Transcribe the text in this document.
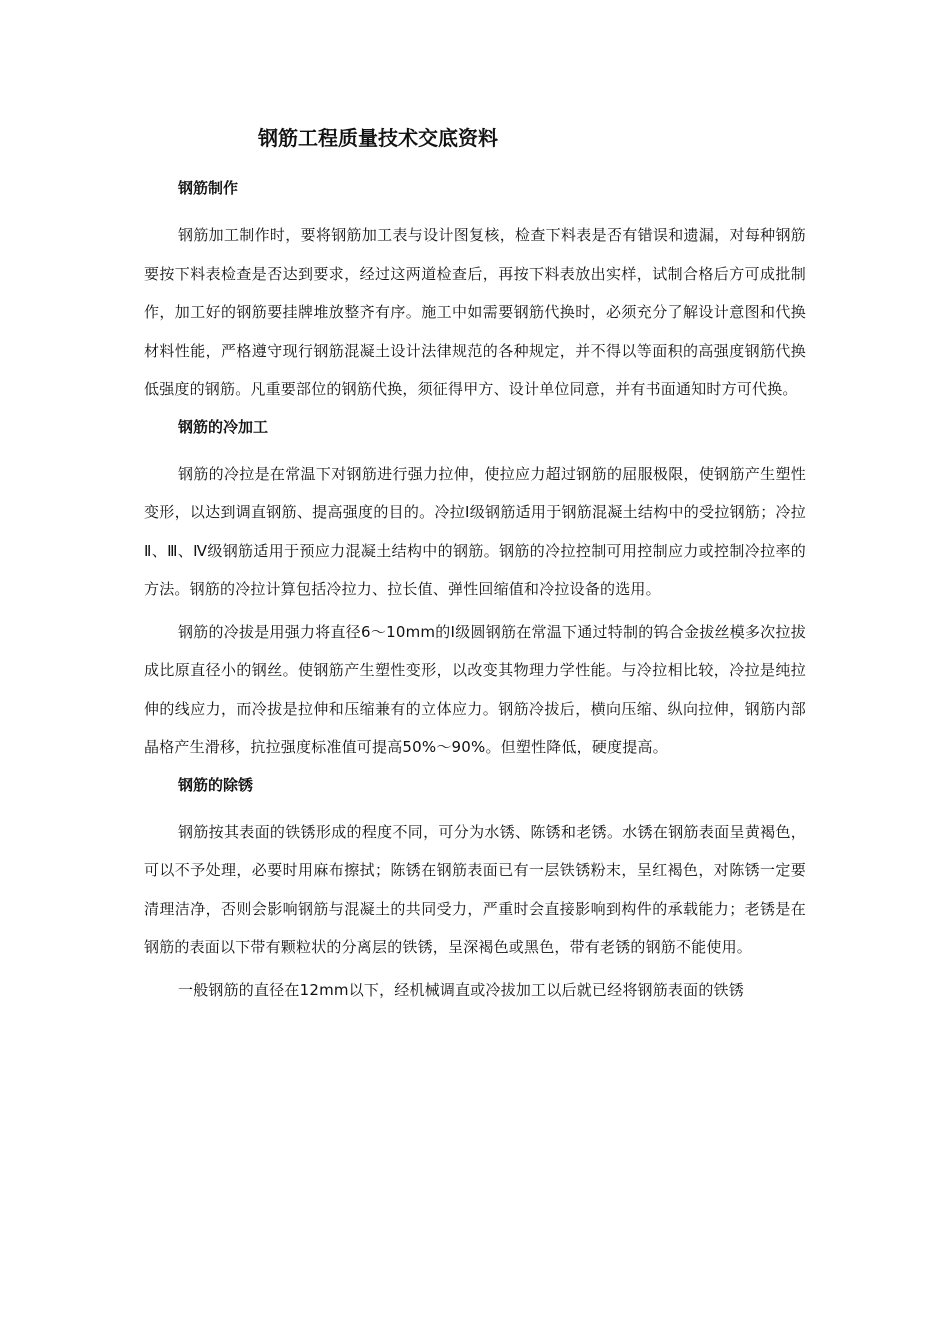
钢筋工程质量技术交底资料
钢筋制作

钢筋加工制作时，要将钢筋加工表与设计图复核，检查下料表是否有错误和遗漏，对每种钢筋要按下料表检查是否达到要求，经过这两道检查后，再按下料表放出实样，试制合格后方可成批制作，加工好的钢筋要挂牌堆放整齐有序。施工中如需要钢筋代换时，必须充分了解设计意图和代换材料性能，严格遵守现行钢筋混凝土设计法律规范的各种规定，并不得以等面积的高强度钢筋代换低强度的钢筋。凡重要部位的钢筋代换，须征得甲方、设计单位同意，并有书面通知时方可代换。

钢筋的冷加工

钢筋的冷拉是在常温下对钢筋进行强力拉伸，使拉应力超过钢筋的屈服极限，使钢筋产生塑性变形，以达到调直钢筋、提高强度的目的。冷拉Ⅰ级钢筋适用于钢筋混凝土结构中的受拉钢筋；冷拉Ⅱ、Ⅲ、Ⅳ级钢筋适用于预应力混凝土结构中的钢筋。钢筋的冷拉控制可用控制应力或控制冷拉率的方法。钢筋的冷拉计算包括冷拉力、拉长值、弹性回缩值和冷拉设备的选用。

钢筋的冷拔是用强力将直径6～10mm的Ⅰ级圆钢筋在常温下通过特制的钨合金拔丝模多次拉拔成比原直径小的钢丝。使钢筋产生塑性变形，以改变其物理力学性能。与冷拉相比较，冷拉是纯拉伸的线应力，而冷拔是拉伸和压缩兼有的立体应力。钢筋冷拔后，横向压缩、纵向拉伸，钢筋内部晶格产生滑移，抗拉强度标准值可提高50%～90%。但塑性降低，硬度提高。

钢筋的除锈

钢筋按其表面的铁锈形成的程度不同，可分为水锈、陈锈和老锈。水锈在钢筋表面呈黄褐色，可以不予处理，必要时用麻布擦拭；陈锈在钢筋表面已有一层铁锈粉末，呈红褐色，对陈锈一定要清理洁净，否则会影响钢筋与混凝土的共同受力，严重时会直接影响到构件的承载能力；老锈是在钢筋的表面以下带有颗粒状的分离层的铁锈，呈深褐色或黑色，带有老锈的钢筋不能使用。

一般钢筋的直径在12mm以下，经机械调直或冷拔加工以后就已经将钢筋表面的铁锈
